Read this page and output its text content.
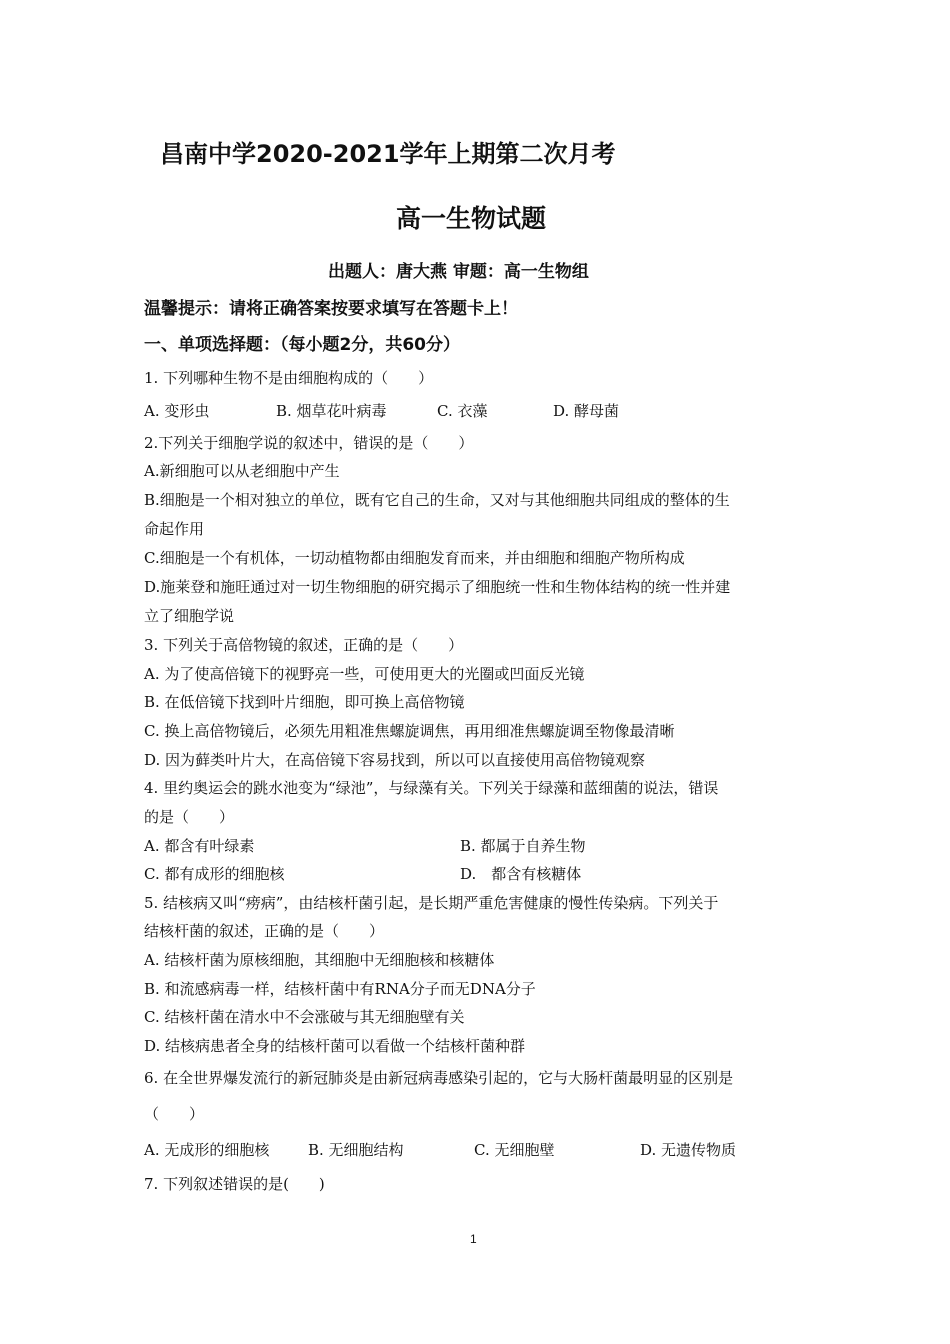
昌南中学2020-2021学年上期第二次月考
高一生物试题
出题人：唐大燕 审题：高一生物组
温馨提示：请将正确答案按要求填写在答题卡上！
一、单项选择题：（每小题2分，共60分）
1. 下列哪种生物不是由细胞构成的（　　）
A. 变形虫	B. 烟草花叶病毒	C. 衣藻	D. 酵母菌
2.下列关于细胞学说的叙述中，错误的是（　　）
A.新细胞可以从老细胞中产生
B.细胞是一个相对独立的单位，既有它自己的生命，又对与其他细胞共同组成的整体的生
命起作用
C.细胞是一个有机体，一切动植物都由细胞发育而来，并由细胞和细胞产物所构成
D.施莱登和施旺通过对一切生物细胞的研究揭示了细胞统一性和生物体结构的统一性并建
立了细胞学说
3. 下列关于高倍物镜的叙述，正确的是（　　）
A. 为了使高倍镜下的视野亮一些，可使用更大的光圈或凹面反光镜
B. 在低倍镜下找到叶片细胞，即可换上高倍物镜
C. 换上高倍物镜后，必须先用粗准焦螺旋调焦，再用细准焦螺旋调至物像最清晰
D. 因为藓类叶片大，在高倍镜下容易找到，所以可以直接使用高倍物镜观察
4. 里约奥运会的跳水池变为“绿池”，与绿藻有关。下列关于绿藻和蓝细菌的说法，错误
的是（　　）
A. 都含有叶绿素	B. 都属于自养生物
C. 都有成形的细胞核	D.　都含有核糖体
5. 结核病又叫“痨病”，由结核杆菌引起，是长期严重危害健康的慢性传染病。下列关于
结核杆菌的叙述，正确的是（　　）
A. 结核杆菌为原核细胞，其细胞中无细胞核和核糖体
B. 和流感病毒一样，结核杆菌中有RNA分子而无DNA分子
C. 结核杆菌在清水中不会涨破与其无细胞壁有关
D. 结核病患者全身的结核杆菌可以看做一个结核杆菌种群
6. 在全世界爆发流行的新冠肺炎是由新冠病毒感染引起的，它与大肠杆菌最明显的区别是
（　　）
A. 无成形的细胞核	B. 无细胞结构	C. 无细胞壁	D. 无遗传物质
7. 下列叙述错误的是(　　)
1
